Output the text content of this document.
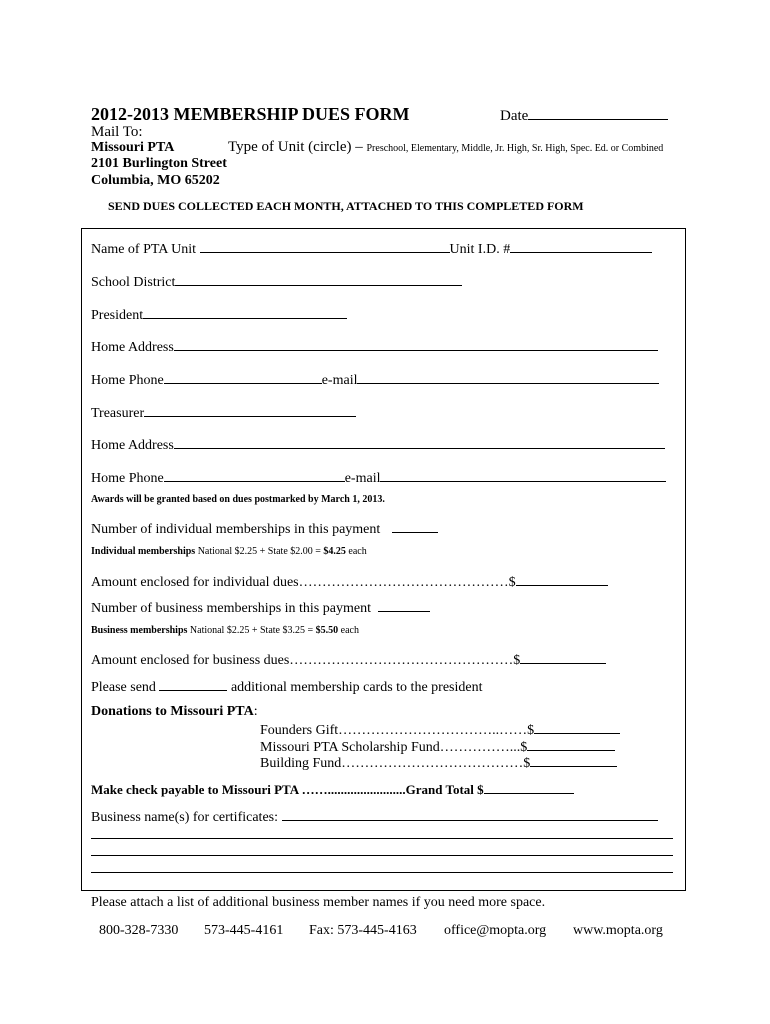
2012-2013 MEMBERSHIP DUES FORM	Date
Mail To:
Missouri PTA	Type of Unit (circle) – Preschool, Elementary, Middle, Jr. High, Sr. High, Spec. Ed. or Combined
2101 Burlington Street
Columbia, MO 65202
SEND DUES COLLECTED EACH MONTH, ATTACHED TO THIS COMPLETED FORM
Name of PTA Unit	Unit I.D. #
School District
President
Home Address
Home Phone	e-mail
Treasurer
Home Address
Home Phone	e-mail
Awards will be granted based on dues postmarked by March 1, 2013.
Number of individual memberships in this payment
Individual memberships National $2.25 + State $2.00 = $4.25 each
Amount enclosed for individual dues………………………………………$
Number of business memberships in this payment
Business memberships National $2.25 + State $3.25 = $5.50 each
Amount enclosed for business dues…………………………………………$
Please send	additional membership cards to the president
Donations to Missouri PTA:
Founders Gift……………………………..……$
Missouri PTA Scholarship Fund……………...$
Building Fund…………………………………$
Make check payable to Missouri PTA ……........................Grand Total $
Business name(s) for certificates:
Please attach a list of additional business member names if you need more space.
800-328-7330 573-445-4161 Fax: 573-445-4163 office@mopta.org www.mopta.org
